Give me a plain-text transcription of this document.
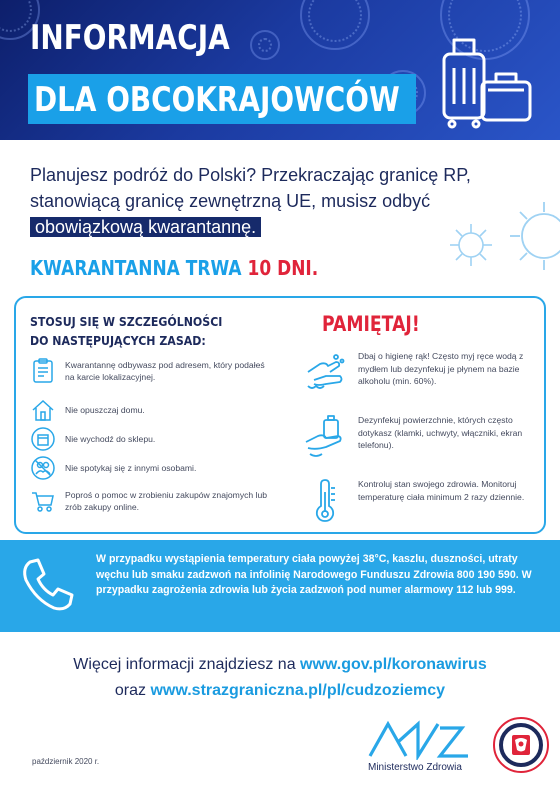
INFORMACJA
DLA OBCOKRAJOWCÓW
Planujesz podróż do Polski? Przekraczając granicę RP, stanowiącą granicę zewnętrzną UE, musisz odbyć obowiązkową kwarantannę.
KWARANTANNA TRWA 10 DNI.
STOSUJ SIĘ W SZCZEGÓLNOŚCI DO NASTĘPUJĄCYCH ZASAD:
Kwarantannę odbywasz pod adresem, który podałeś na karcie lokalizacyjnej.
Nie opuszczaj domu.
Nie wychodź do sklepu.
Nie spotykaj się z innymi osobami.
Poproś o pomoc w zrobieniu zakupów znajomych lub zrób zakupy online.
PAMIĘTAJ!
Dbaj o higienę rąk! Często myj ręce wodą z mydłem lub dezynfekuj je płynem na bazie alkoholu (min. 60%).
Dezynfekuj powierzchnie, których często dotykasz (klamki, uchwyty, włączniki, ekran telefonu).
Kontroluj stan swojego zdrowia. Monitoruj temperaturę ciała minimum 2 razy dziennie.
W przypadku wystąpienia temperatury ciała powyżej 38°C, kaszlu, duszności, utraty węchu lub smaku zadzwoń na infolinię Narodowego Funduszu Zdrowia 800 190 590. W przypadku zagrożenia zdrowia lub życia zadzwoń pod numer alarmowy 112 lub 999.
Więcej informacji znajdziesz na www.gov.pl/koronawirus
oraz www.strazgraniczna.pl/pl/cudzoziemcy
październik 2020 r.
Ministerstwo Zdrowia
